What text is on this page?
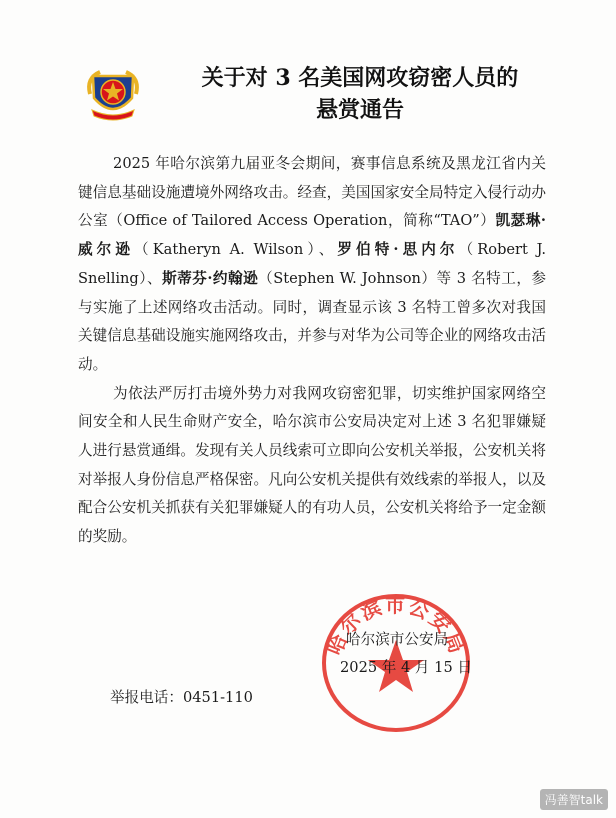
关于对 3 名美国网攻窃密人员的
悬赏通告

2025 年哈尔滨第九届亚冬会期间，赛事信息系统及黑龙江省内关键信息基础设施遭境外网络攻击。经查，美国国家安全局特定入侵行动办公室（Office of Tailored Access Operation，简称“TAO”）凯瑟琳·威尔逊（Katheryn A. Wilson）、罗伯特·思内尔（Robert J. Snelling）、斯蒂芬·约翰逊（Stephen W. Johnson）等 3 名特工，参与实施了上述网络攻击活动。同时，调查显示该 3 名特工曾多次对我国关键信息基础设施实施网络攻击，并参与对华为公司等企业的网络攻击活动。

为依法严厉打击境外势力对我网攻窃密犯罪，切实维护国家网络空间安全和人民生命财产安全，哈尔滨市公安局决定对上述 3 名犯罪嫌疑人进行悬赏通缉。发现有关人员线索可立即向公安机关举报，公安机关将对举报人身份信息严格保密。凡向公安机关提供有效线索的举报人，以及配合公安机关抓获有关犯罪嫌疑人的有功人员，公安机关将给予一定金额的奖励。

哈尔滨市公安局
哈尔滨市公安局
2025 年 4 月 15 日
举报电话：0451-110
冯善智talk
